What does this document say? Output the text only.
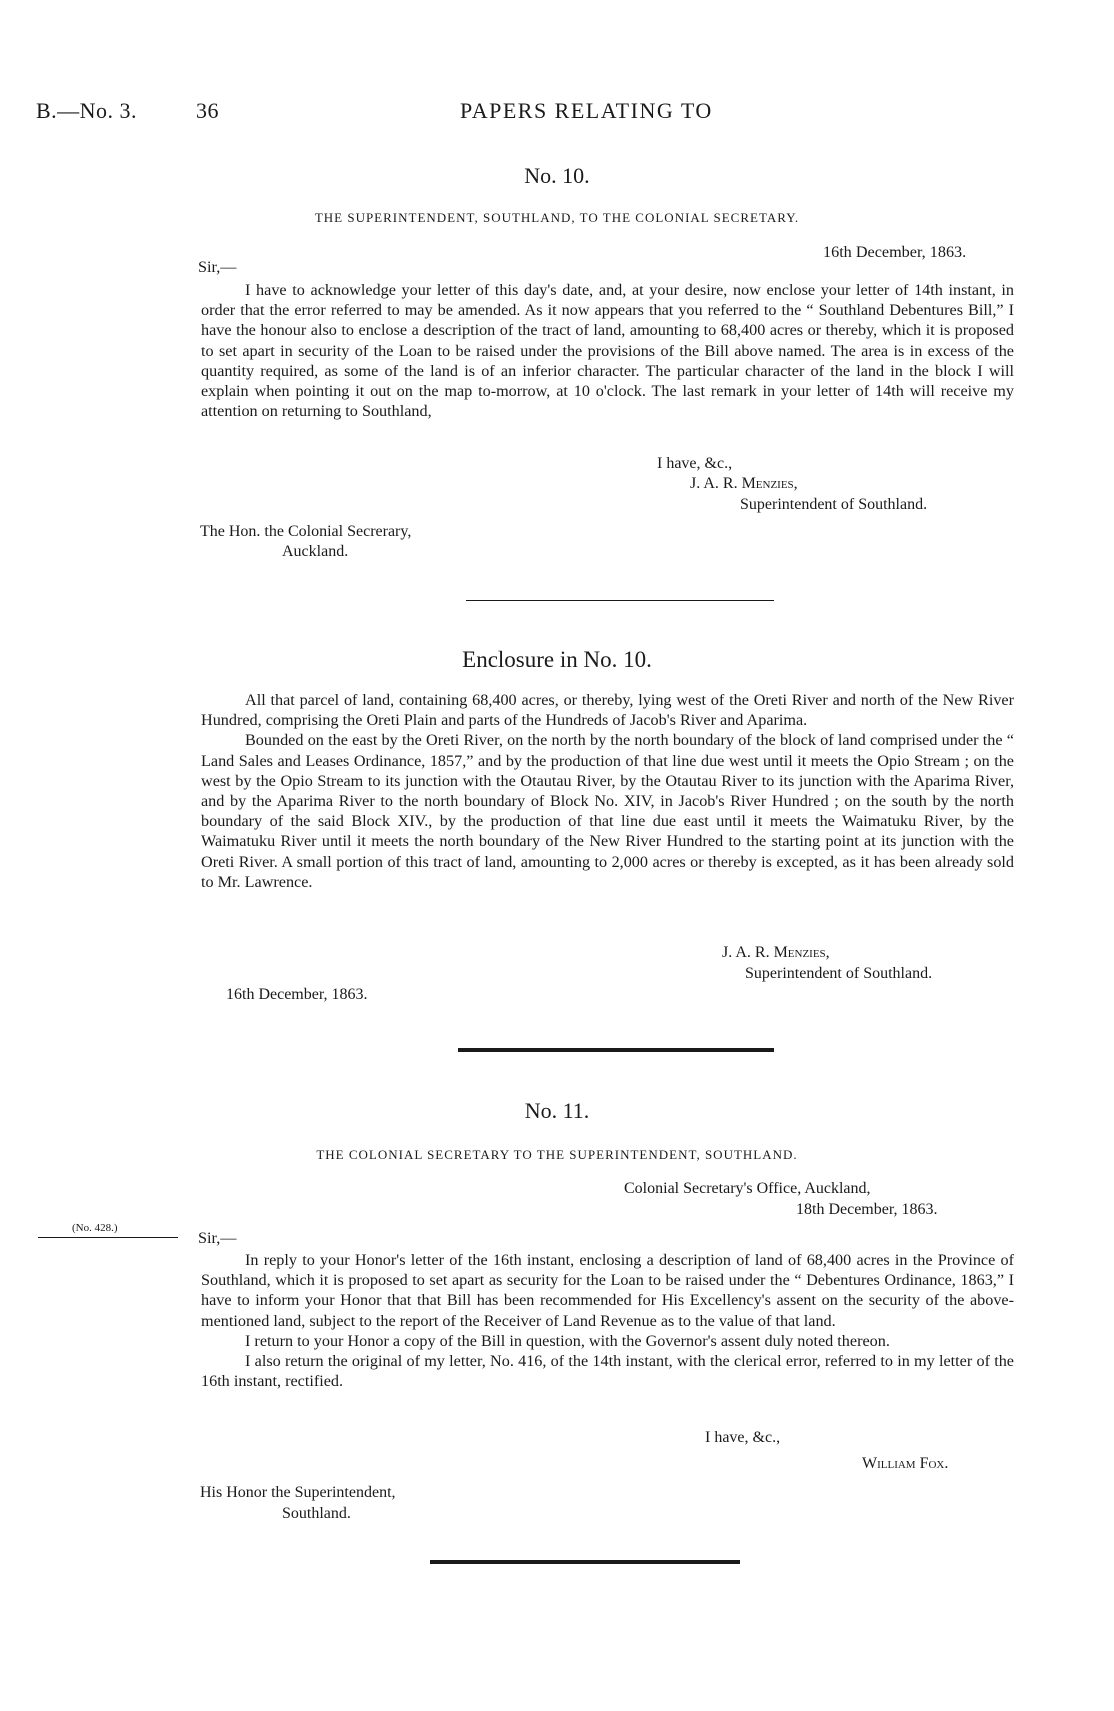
B.—No. 3.	36	PAPERS RELATING TO
No. 10.
THE SUPERINTENDENT, SOUTHLAND, TO THE COLONIAL SECRETARY.
16th December, 1863.
Sir,—

I have to acknowledge your letter of this day's date, and, at your desire, now enclose your letter of 14th instant, in order that the error referred to may be amended. As it now appears that you referred to the “ Southland Debentures Bill,” I have the honour also to enclose a description of the tract of land, amounting to 68,400 acres or thereby, which it is proposed to set apart in security of the Loan to be raised under the provisions of the Bill above named. The area is in excess of the quantity required, as some of the land is of an inferior character. The particular character of the land in the block I will explain when pointing it out on the map to-morrow, at 10 o'clock. The last remark in your letter of 14th will receive my attention on returning to Southland,

I have, &c.,
J. A. R. Menzies,
Superintendent of Southland.
The Hon. the Colonial Secrerary,
Auckland.
Enclosure in No. 10.

All that parcel of land, containing 68,400 acres, or thereby, lying west of the Oreti River and north of the New River Hundred, comprising the Oreti Plain and parts of the Hundreds of Jacob's River and Aparima.

Bounded on the east by the Oreti River, on the north by the north boundary of the block of land comprised under the “ Land Sales and Leases Ordinance, 1857,” and by the production of that line due west until it meets the Opio Stream ; on the west by the Opio Stream to its junction with the Otautau River, by the Otautau River to its junction with the Aparima River, and by the Aparima River to the north boundary of Block No. XIV, in Jacob's River Hundred ; on the south by the north boundary of the said Block XIV., by the production of that line due east until it meets the Waimatuku River, by the Waimatuku River until it meets the north boundary of the New River Hundred to the starting point at its junction with the Oreti River. A small portion of this tract of land, amounting to 2,000 acres or thereby is excepted, as it has been already sold to Mr. Lawrence.

J. A. R. Menzies,
Superintendent of Southland.
16th December, 1863.
No. 11.
THE COLONIAL SECRETARY TO THE SUPERINTENDENT, SOUTHLAND.
Colonial Secretary's Office, Auckland,
18th December, 1863.
(No. 428.)
Sir,—

In reply to your Honor's letter of the 16th instant, enclosing a description of land of 68,400 acres in the Province of Southland, which it is proposed to set apart as security for the Loan to be raised under the “ Debentures Ordinance, 1863,” I have to inform your Honor that that Bill has been recommended for His Excellency's assent on the security of the above-mentioned land, subject to the report of the Receiver of Land Revenue as to the value of that land.

I return to your Honor a copy of the Bill in question, with the Governor's assent duly noted thereon.

I also return the original of my letter, No. 416, of the 14th instant, with the clerical error, referred to in my letter of the 16th instant, rectified.

I have, &c.,
William Fox.
His Honor the Superintendent,
Southland.
